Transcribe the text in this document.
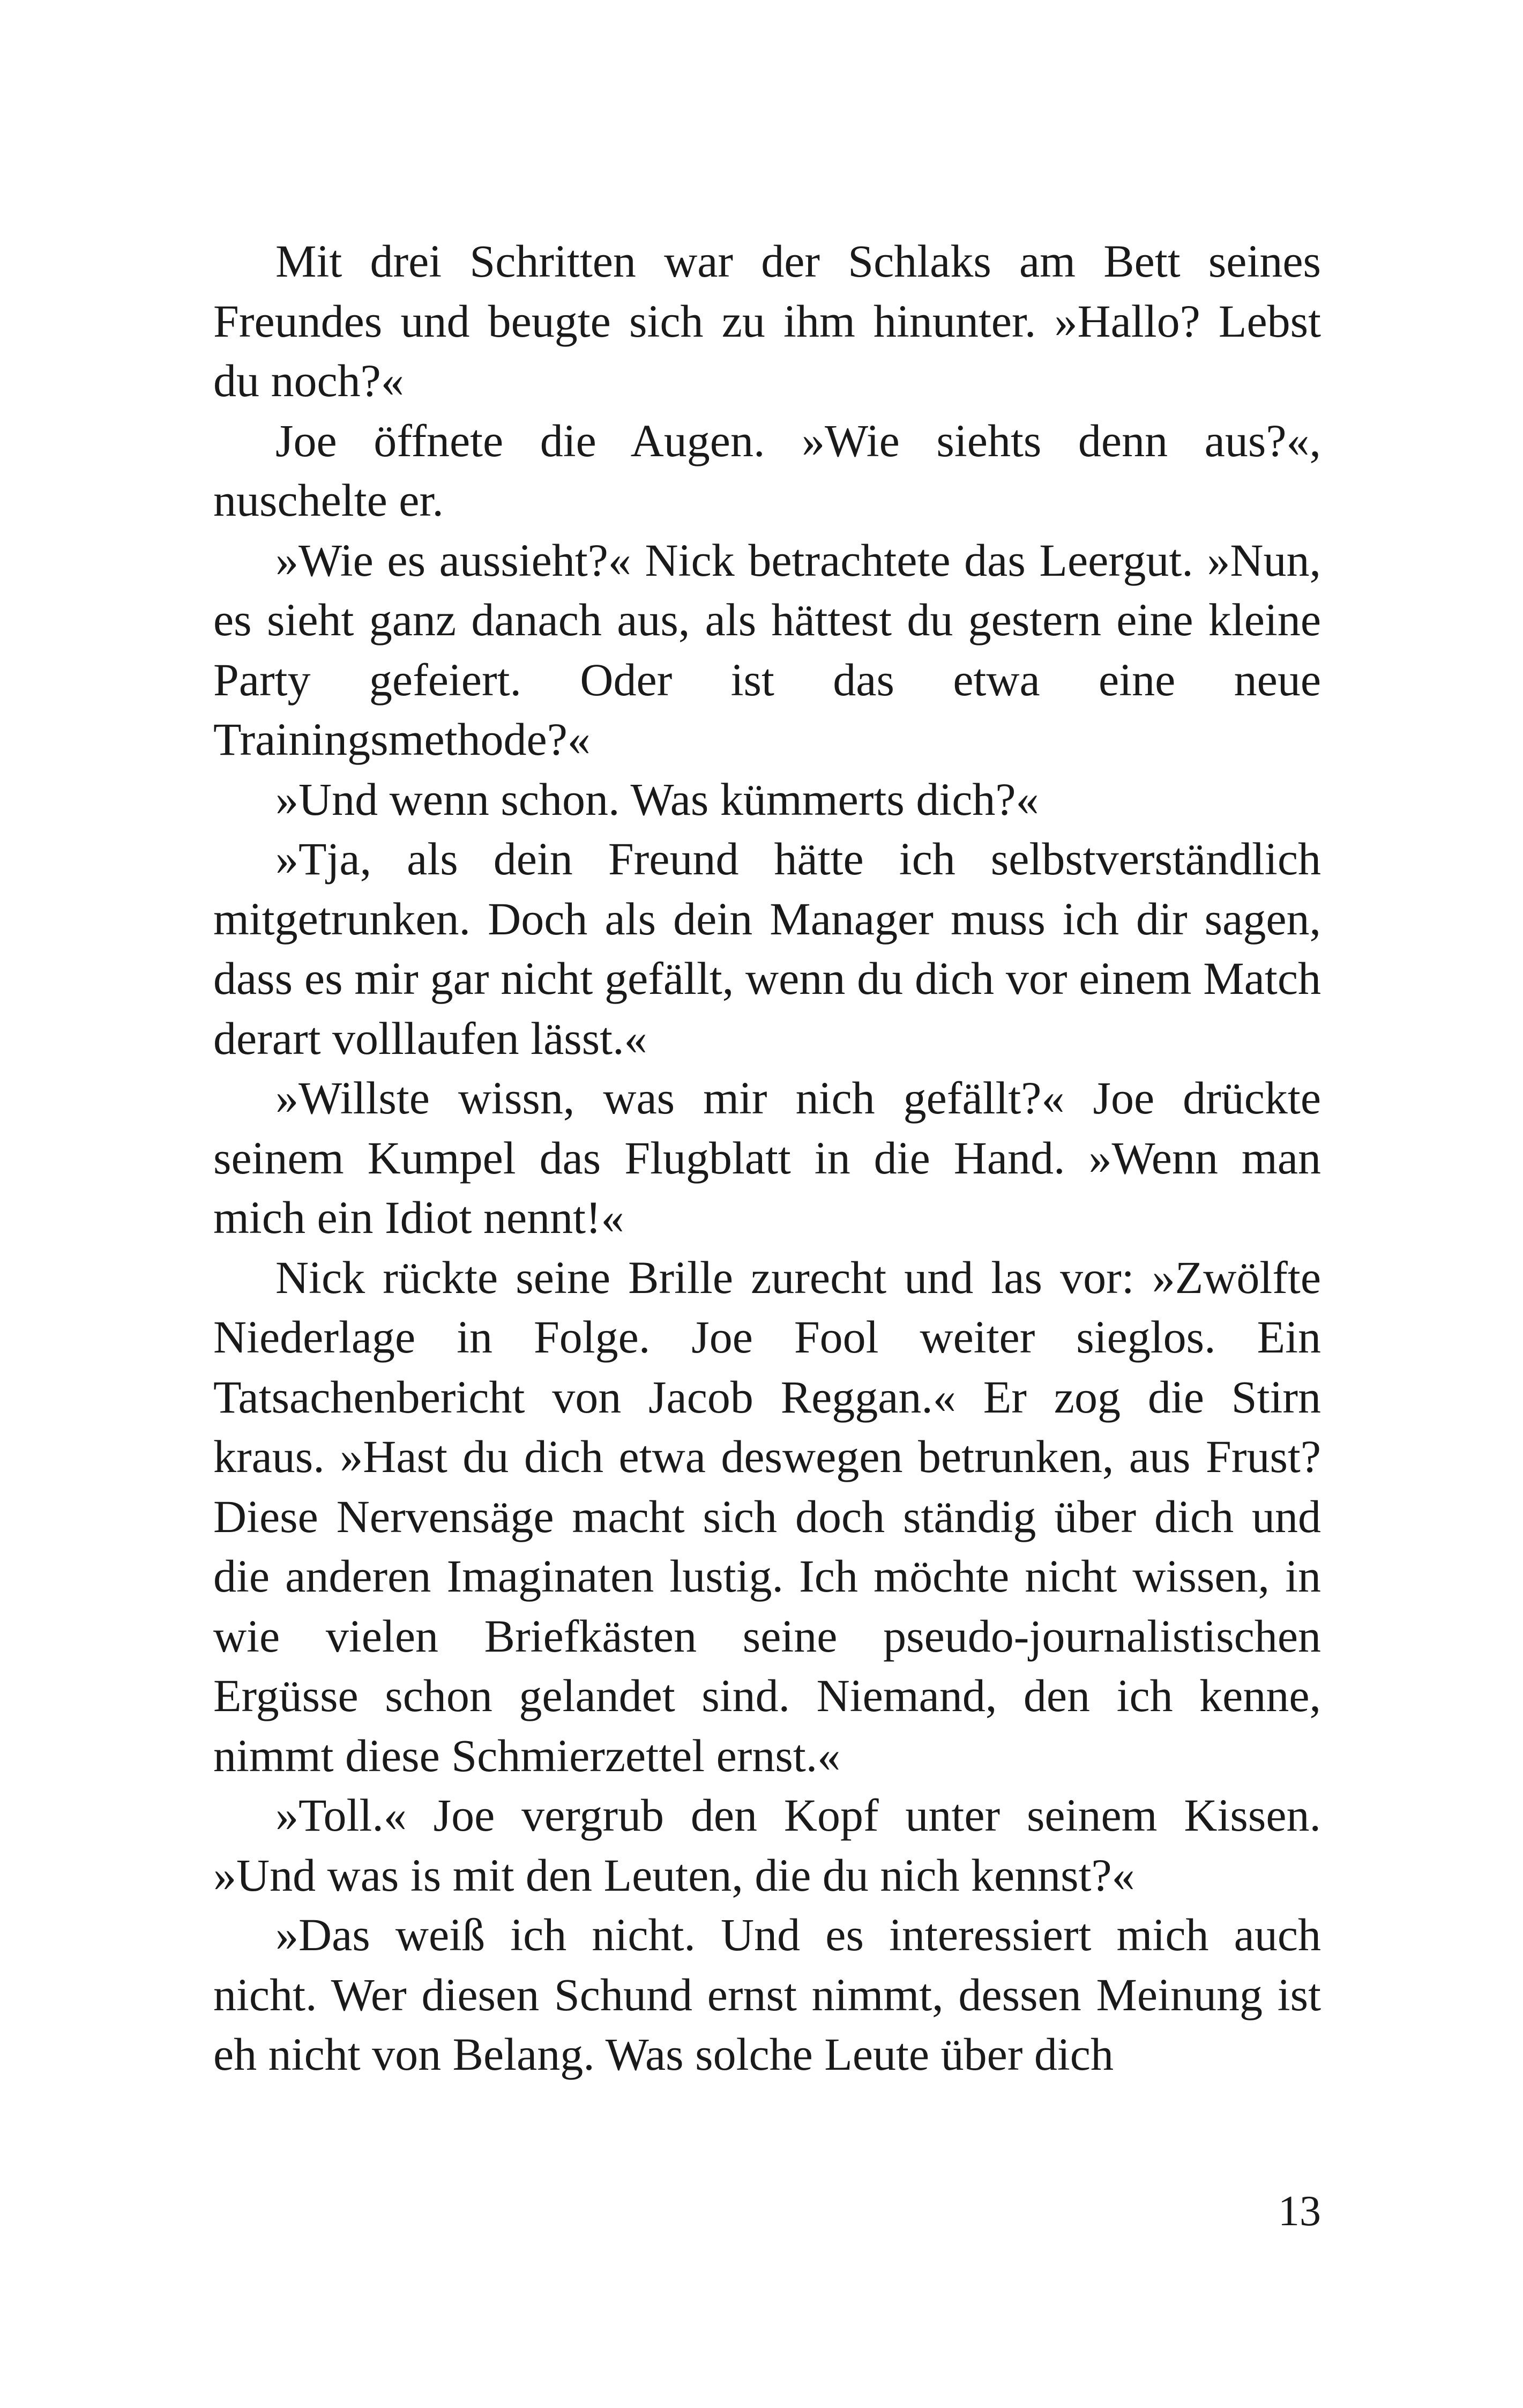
Mit drei Schritten war der Schlaks am Bett seines Freundes und beugte sich zu ihm hinunter. »Hallo? Lebst du noch?«

Joe öffnete die Augen. »Wie siehts denn aus?«, nuschelte er.

»Wie es aussieht?« Nick betrachtete das Leergut. »Nun, es sieht ganz danach aus, als hättest du gestern eine kleine Party gefeiert. Oder ist das etwa eine neue Trainingsmethode?«

»Und wenn schon. Was kümmerts dich?«

»Tja, als dein Freund hätte ich selbstverständlich mitgetrunken. Doch als dein Manager muss ich dir sagen, dass es mir gar nicht gefällt, wenn du dich vor einem Match derart volllaufen lässt.«

»Willste wissn, was mir nich gefällt?« Joe drückte seinem Kumpel das Flugblatt in die Hand. »Wenn man mich ein Idiot nennt!«

Nick rückte seine Brille zurecht und las vor: »Zwölfte Niederlage in Folge. Joe Fool weiter sieglos. Ein Tatsachenbericht von Jacob Reggan.« Er zog die Stirn kraus. »Hast du dich etwa deswegen betrunken, aus Frust? Diese Nervensäge macht sich doch ständig über dich und die anderen Imaginaten lustig. Ich möchte nicht wissen, in wie vielen Briefkästen seine pseudo-journalistischen Ergüsse schon gelandet sind. Niemand, den ich kenne, nimmt diese Schmierzettel ernst.«

»Toll.« Joe vergrub den Kopf unter seinem Kissen. »Und was is mit den Leuten, die du nich kennst?«

»Das weiß ich nicht. Und es interessiert mich auch nicht. Wer diesen Schund ernst nimmt, dessen Meinung ist eh nicht von Belang. Was solche Leute über dich

13
